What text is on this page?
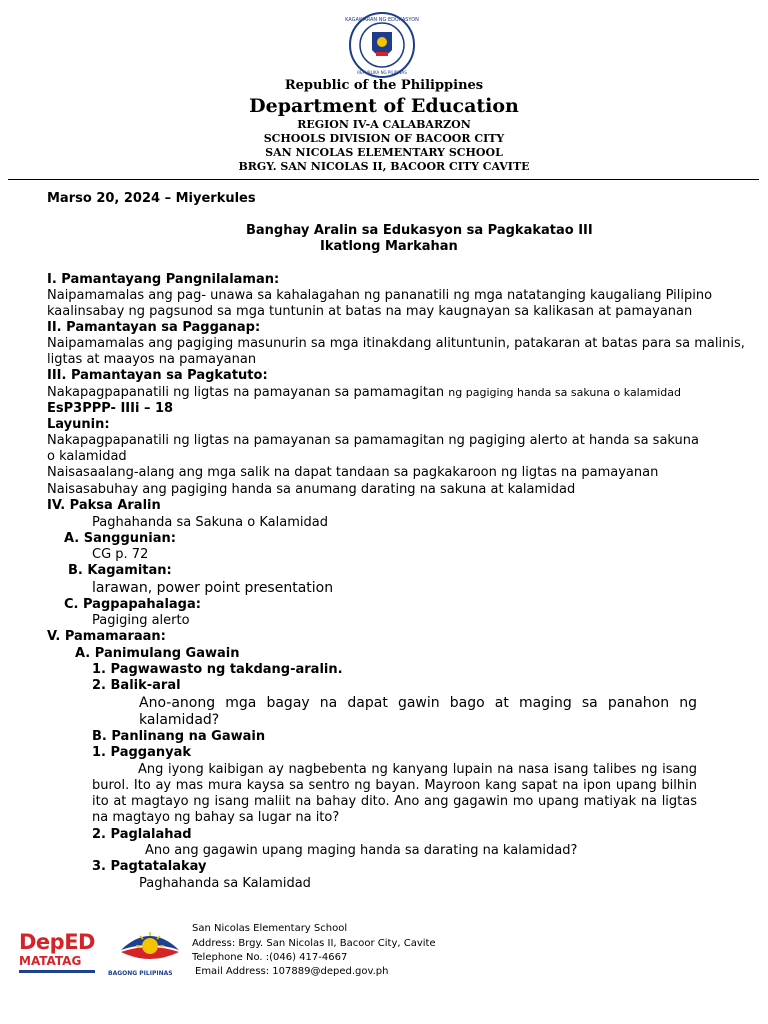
KAGAWARAN NG EDUKASYON
REPUBLIKA NG PILIPINAS
Republic of the Philippines
Department of Education
REGION IV-A CALABARZON
SCHOOLS DIVISION OF BACOOR CITY
SAN NICOLAS ELEMENTARY SCHOOL
BRGY. SAN NICOLAS II, BACOOR CITY CAVITE
Marso 20, 2024 – Miyerkules
Banghay Aralin sa Edukasyon sa Pagkakatao III
Ikatlong Markahan
I. Pamantayang Pangnilalaman:
Naipamamalas ang pag- unawa sa kahalagahan ng pananatili ng mga natatanging kaugaliang Pilipino
kaalinsabay ng pagsunod sa mga tuntunin at batas na may kaugnayan sa kalikasan at pamayanan
II. Pamantayan sa Pagganap:
Naipamamalas ang pagiging masunurin sa mga itinakdang alituntunin, patakaran at batas para sa malinis,
ligtas at maayos na pamayanan
III. Pamantayan sa Pagkatuto:
Nakapagpapanatili ng ligtas na pamayanan sa pamamagitan ng pagiging handa sa sakuna o kalamidad
EsP3PPP- IIIi – 18
Layunin:
Nakapagpapanatili ng ligtas na pamayanan sa pamamagitan ng pagiging alerto at handa sa sakuna o kalamidad
Naisasaalang-alang ang mga salik na dapat tandaan sa pagkakaroon ng ligtas na pamayanan
Naisasabuhay ang pagiging handa sa anumang darating na sakuna at kalamidad
IV. Paksa Aralin
Paghahanda sa Sakuna o Kalamidad
A. Sanggunian:
CG p. 72
B. Kagamitan:
larawan, power point presentation
C. Pagpapahalaga:
Pagiging alerto
V. Pamamaraan:
A. Panimulang Gawain
1. Pagwawasto ng takdang-aralin.
2. Balik-aral
Ano-anong mga bagay na dapat gawin bago at maging sa panahon ng kalamidad?
B. Panlinang na Gawain
1. Pagganyak
Ang iyong kaibigan ay nagbebenta ng kanyang lupain na nasa isang talibes ng isang burol. Ito ay mas mura kaysa sa sentro ng bayan. Mayroon kang sapat na ipon upang bilhin ito at magtayo ng isang maliit na bahay dito. Ano ang gagawin mo upang matiyak na ligtas na magtayo ng bahay sa lugar na ito?
2. Paglalahad
Ano ang gagawin upang maging handa sa darating na kalamidad?
3. Pagtatalakay
Paghahanda sa Kalamidad
DepED
MATATAG
BAGONG PILIPINAS
San Nicolas Elementary School
Address: Brgy. San Nicolas II, Bacoor City, Cavite
Telephone No. :(046) 417-4667
Email Address: 107889@deped.gov.ph
